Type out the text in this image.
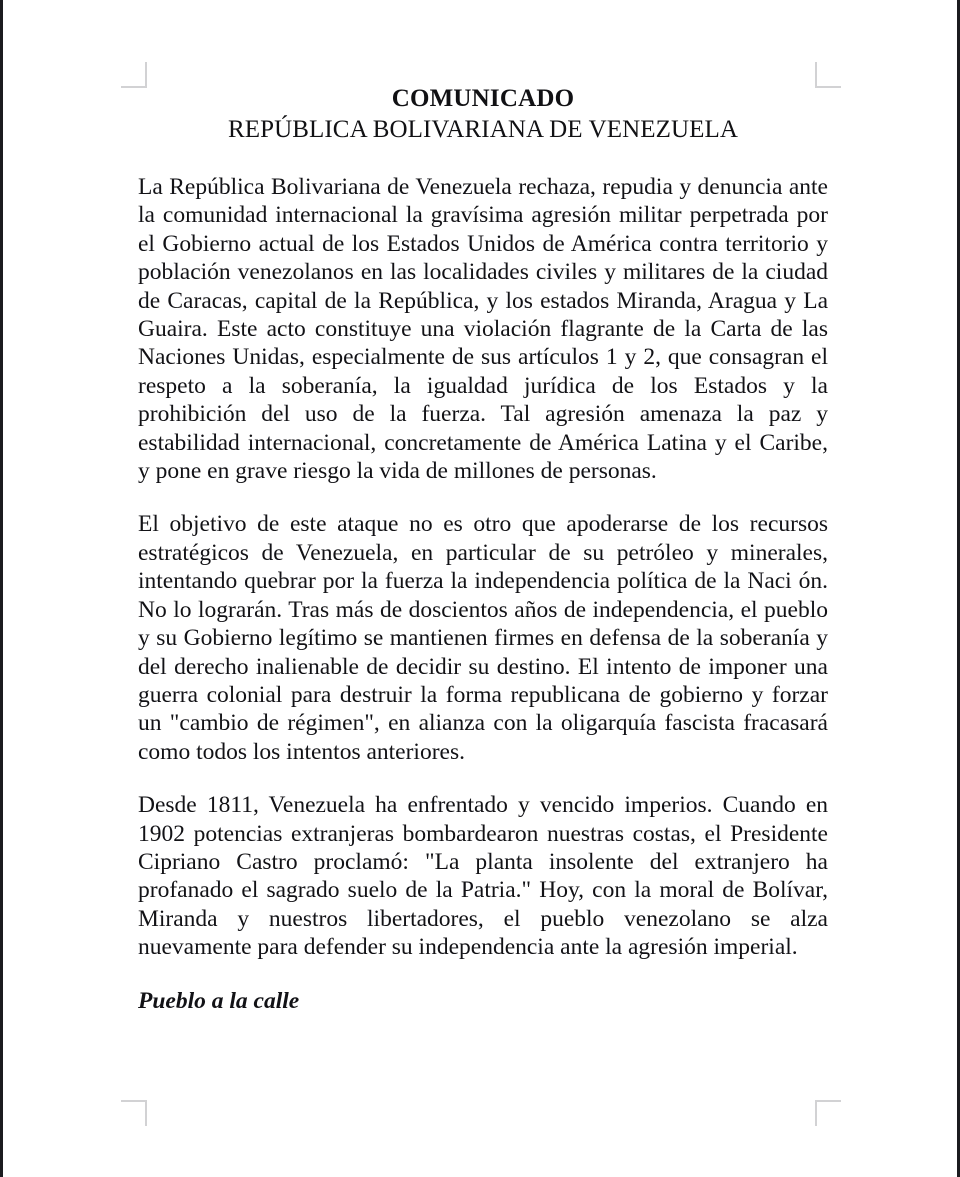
COMUNICADO
REPÚBLICA BOLIVARIANA DE VENEZUELA

La República Bolivariana de Venezuela rechaza, repudia y denuncia ante la comunidad internacional la gravísima agresión militar perpetrada por el Gobierno actual de los Estados Unidos de América contra territorio y población venezolanos en las localidades civiles y militares de la ciudad de Caracas, capital de la República, y los estados Miranda, Aragua y La Guaira. Este acto constituye una violación flagrante de la Carta de las Naciones Unidas, especialmente de sus artículos 1 y 2, que consagran el respeto a la soberanía, la igualdad jurídica de los Estados y la prohibición del uso de la fuerza. Tal agresión amenaza la paz y estabilidad internacional, concretamente de América Latina y el Caribe, y pone en grave riesgo la vida de millones de personas.

El objetivo de este ataque no es otro que apoderarse de los recursos estratégicos de Venezuela, en particular de su petróleo y minerales, intentando quebrar por la fuerza la independencia política de la Naci ón. No lo lograrán. Tras más de doscientos años de independencia, el pueblo y su Gobierno legítimo se mantienen firmes en defensa de la soberanía y del derecho inalienable de decidir su destino. El intento de imponer una guerra colonial para destruir la forma republicana de gobierno y forzar un "cambio de régimen", en alianza con la oligarquía fascista fracasará como todos los intentos anteriores.

Desde 1811, Venezuela ha enfrentado y vencido imperios. Cuando en 1902 potencias extranjeras bombardearon nuestras costas, el Presidente Cipriano Castro proclamó: "La planta insolente del extranjero ha profanado el sagrado suelo de la Patria." Hoy, con la moral de Bolívar, Miranda y nuestros libertadores, el pueblo venezolano se alza nuevamente para defender su independencia ante la agresión imperial.

Pueblo a la calle
